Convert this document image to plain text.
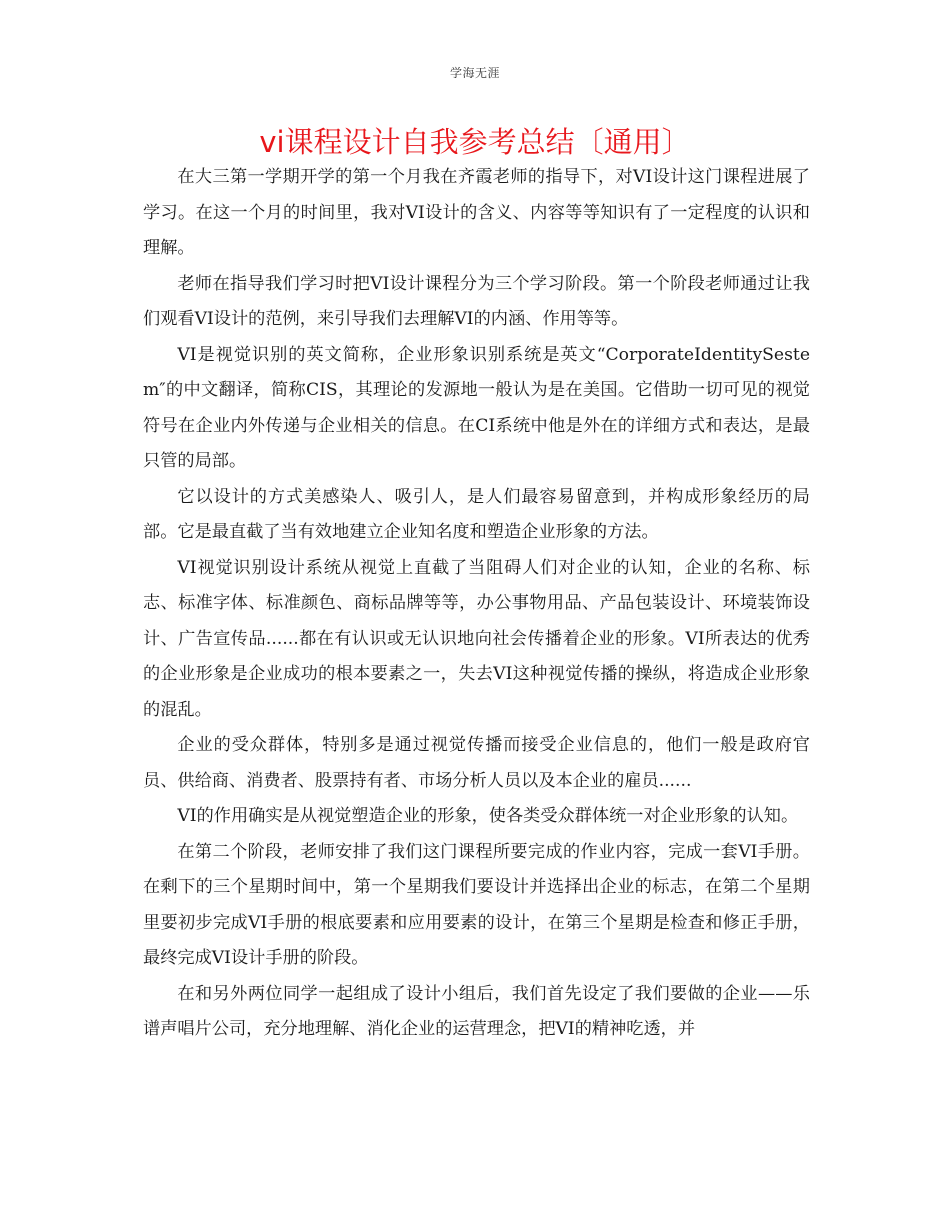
学海无涯
vi课程设计自我参考总结〔通用〕

在大三第一学期开学的第一个月我在齐霞老师的指导下，对VI设计这门课程进展了学习。在这一个月的时间里，我对VI设计的含义、内容等等知识有了一定程度的认识和理解。

老师在指导我们学习时把VI设计课程分为三个学习阶段。第一个阶段老师通过让我们观看VI设计的范例，来引导我们去理解VI的内涵、作用等等。

VI是视觉识别的英文简称，企业形象识别系统是英文“CorporateIdentitySestem″的中文翻译，简称CIS，其理论的发源地一般认为是在美国。它借助一切可见的视觉符号在企业内外传递与企业相关的信息。在CI系统中他是外在的详细方式和表达，是最只管的局部。

它以设计的方式美感染人、吸引人，是人们最容易留意到，并构成形象经历的局部。它是最直截了当有效地建立企业知名度和塑造企业形象的方法。

VI视觉识别设计系统从视觉上直截了当阻碍人们对企业的认知，企业的名称、标志、标准字体、标准颜色、商标品牌等等，办公事物用品、产品包装设计、环境装饰设计、广告宣传品......都在有认识或无认识地向社会传播着企业的形象。VI所表达的优秀的企业形象是企业成功的根本要素之一，失去VI这种视觉传播的操纵，将造成企业形象的混乱。

企业的受众群体，特别多是通过视觉传播而接受企业信息的，他们一般是政府官员、供给商、消费者、股票持有者、市场分析人员以及本企业的雇员......

VI的作用确实是从视觉塑造企业的形象，使各类受众群体统一对企业形象的认知。

在第二个阶段，老师安排了我们这门课程所要完成的作业内容，完成一套VI手册。在剩下的三个星期时间中，第一个星期我们要设计并选择出企业的标志，在第二个星期里要初步完成VI手册的根底要素和应用要素的设计，在第三个星期是检查和修正手册，最终完成VI设计手册的阶段。

在和另外两位同学一起组成了设计小组后，我们首先设定了我们要做的企业——乐谱声唱片公司，充分地理解、消化企业的运营理念，把VI的精神吃透，并
